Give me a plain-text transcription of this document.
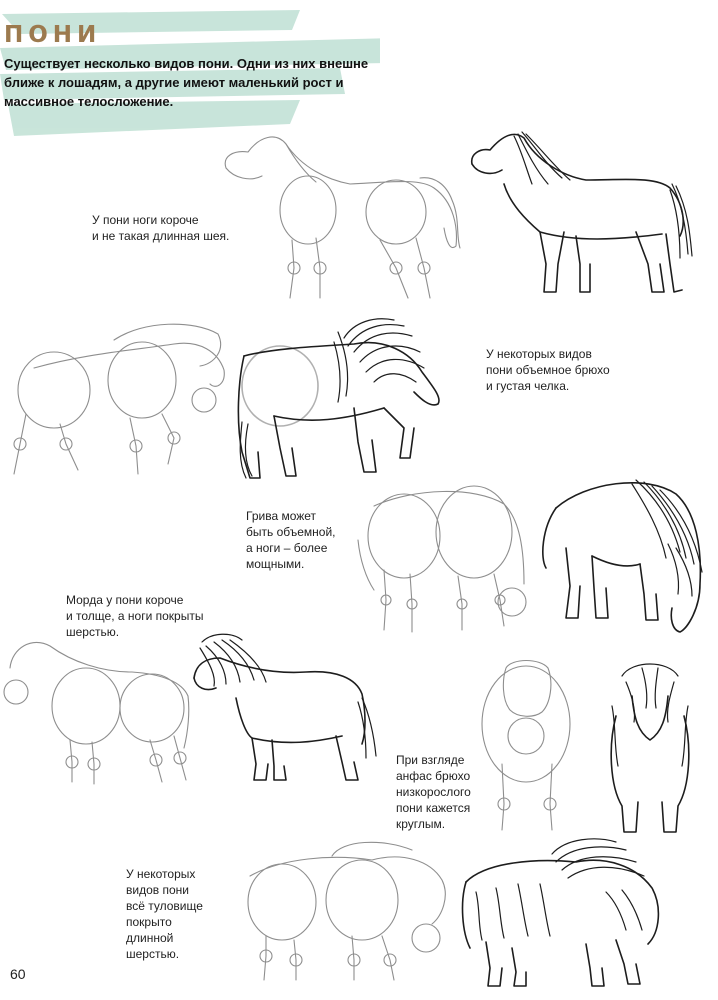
ПОНИ

Существует несколько видов пони. Одни из них внешне ближе к лошадям, а другие имеют маленький рост и массивное телосложение.

У пони ноги короче
и не такая длинная шея.

У некоторых видов
пони объемное брюхо
и густая челка.

Грива может
быть объемной,
а ноги – более
мощными.

Морда у пони короче
и толще, а ноги покрыты
шерстью.

При взгляде
анфас брюхо
низкорослого
пони кажется
круглым.

У некоторых
видов пони
всё туловище
покрыто
длинной
шерстью.

60
